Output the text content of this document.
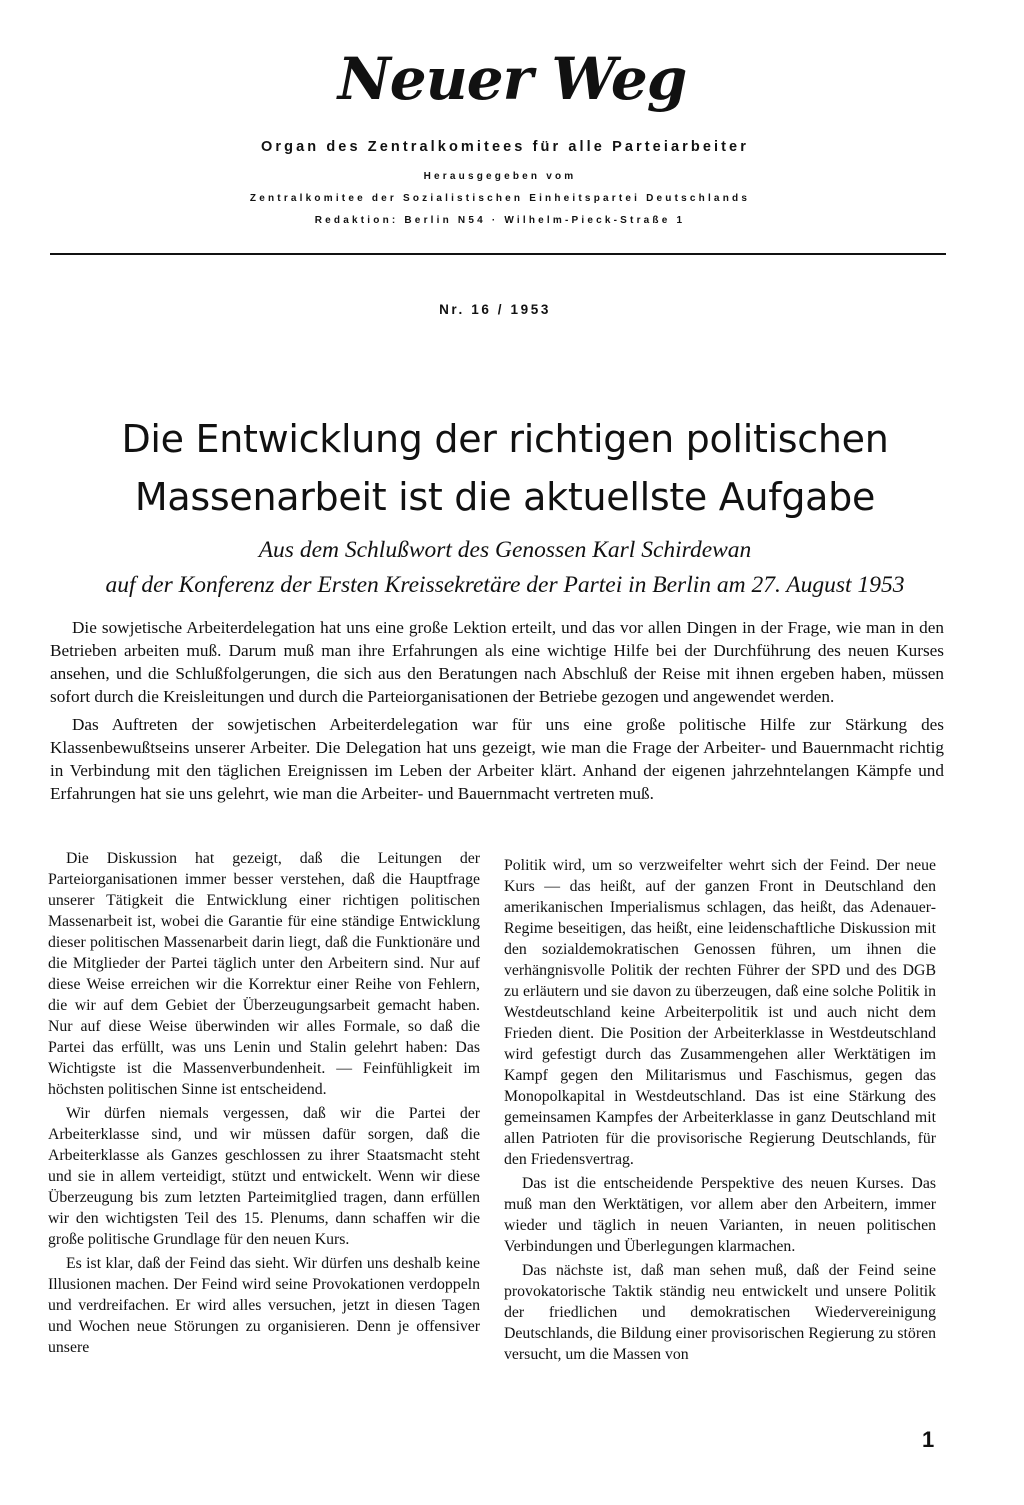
Neuer Weg
Organ des Zentralkomitees für alle Parteiarbeiter
Herausgegeben vom
Zentralkomitee der Sozialistischen Einheitspartei Deutschlands
Redaktion: Berlin N54 · Wilhelm-Pieck-Straße 1
Nr. 16 / 1953
Die Entwicklung der richtigen politischen
Massenarbeit ist die aktuellste Aufgabe
Aus dem Schlußwort des Genossen Karl Schirdewan
auf der Konferenz der Ersten Kreissekretäre der Partei in Berlin am 27. August 1953

Die sowjetische Arbeiterdelegation hat uns eine große Lektion erteilt, und das vor allen Dingen in der Frage, wie man in den Betrieben arbeiten muß. Darum muß man ihre Erfahrungen als eine wichtige Hilfe bei der Durchführung des neuen Kurses ansehen, und die Schlußfolgerungen, die sich aus den Beratungen nach Abschluß der Reise mit ihnen ergeben haben, müssen sofort durch die Kreisleitungen und durch die Parteiorganisationen der Betriebe gezogen und angewendet werden.

Das Auftreten der sowjetischen Arbeiterdelegation war für uns eine große politische Hilfe zur Stärkung des Klassenbewußtseins unserer Arbeiter. Die Delegation hat uns gezeigt, wie man die Frage der Arbeiter- und Bauernmacht richtig in Verbindung mit den täglichen Ereignissen im Leben der Arbeiter klärt. Anhand der eigenen jahrzehntelangen Kämpfe und Erfahrungen hat sie uns gelehrt, wie man die Arbeiter- und Bauernmacht vertreten muß.

Die Diskussion hat gezeigt, daß die Leitungen der Parteiorganisationen immer besser verstehen, daß die Hauptfrage unserer Tätigkeit die Entwicklung einer richtigen politischen Massenarbeit ist, wobei die Garantie für eine ständige Entwicklung dieser politischen Massenarbeit darin liegt, daß die Funktionäre und die Mitglieder der Partei täglich unter den Arbeitern sind. Nur auf diese Weise erreichen wir die Korrektur einer Reihe von Fehlern, die wir auf dem Gebiet der Überzeugungsarbeit gemacht haben. Nur auf diese Weise überwinden wir alles Formale, so daß die Partei das erfüllt, was uns Lenin und Stalin gelehrt haben: Das Wichtigste ist die Massenverbundenheit. — Feinfühligkeit im höchsten politischen Sinne ist entscheidend.

Wir dürfen niemals vergessen, daß wir die Partei der Arbeiterklasse sind, und wir müssen dafür sorgen, daß die Arbeiterklasse als Ganzes geschlossen zu ihrer Staatsmacht steht und sie in allem verteidigt, stützt und entwickelt. Wenn wir diese Überzeugung bis zum letzten Parteimitglied tragen, dann erfüllen wir den wichtigsten Teil des 15. Plenums, dann schaffen wir die große politische Grundlage für den neuen Kurs.

Es ist klar, daß der Feind das sieht. Wir dürfen uns deshalb keine Illusionen machen. Der Feind wird seine Provokationen verdoppeln und verdreifachen. Er wird alles versuchen, jetzt in diesen Tagen und Wochen neue Störungen zu organisieren. Denn je offensiver unsere

Politik wird, um so verzweifelter wehrt sich der Feind. Der neue Kurs — das heißt, auf der ganzen Front in Deutschland den amerikanischen Imperialismus schlagen, das heißt, das Adenauer-Regime beseitigen, das heißt, eine leidenschaftliche Diskussion mit den sozialdemokratischen Genossen führen, um ihnen die verhängnisvolle Politik der rechten Führer der SPD und des DGB zu erläutern und sie davon zu überzeugen, daß eine solche Politik in Westdeutschland keine Arbeiterpolitik ist und auch nicht dem Frieden dient. Die Position der Arbeiterklasse in Westdeutschland wird gefestigt durch das Zusammengehen aller Werktätigen im Kampf gegen den Militarismus und Faschismus, gegen das Monopolkapital in Westdeutschland. Das ist eine Stärkung des gemeinsamen Kampfes der Arbeiterklasse in ganz Deutschland mit allen Patrioten für die provisorische Regierung Deutschlands, für den Friedensvertrag.

Das ist die entscheidende Perspektive des neuen Kurses. Das muß man den Werktätigen, vor allem aber den Arbeitern, immer wieder und täglich in neuen Varianten, in neuen politischen Verbindungen und Überlegungen klarmachen.

Das nächste ist, daß man sehen muß, daß der Feind seine provokatorische Taktik ständig neu entwickelt und unsere Politik der friedlichen und demokratischen Wiedervereinigung Deutschlands, die Bildung einer provisorischen Regierung zu stören versucht, um die Massen von

1
